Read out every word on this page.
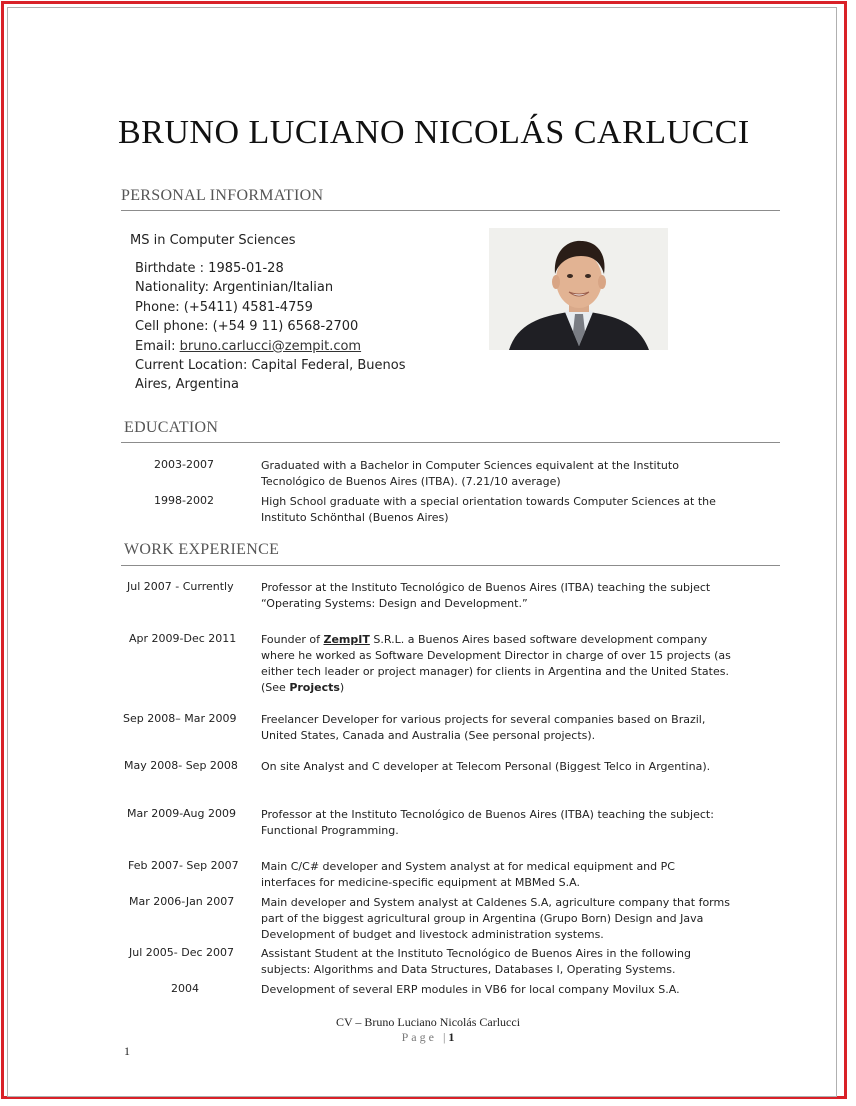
BRUNO LUCIANO NICOLÁS CARLUCCI
PERSONAL INFORMATION
MS in Computer Sciences
Birthdate : 1985-01-28
Nationality: Argentinian/Italian
Phone: (+5411) 4581-4759
Cell phone: (+54 9 11) 6568-2700
Email: bruno.carlucci@zempit.com
Current Location: Capital Federal, Buenos Aires, Argentina
EDUCATION
2003-2007	Graduated with a Bachelor in Computer Sciences equivalent at the Instituto Tecnológico de Buenos Aires (ITBA). (7.21/10 average)
1998-2002	High School graduate with a special orientation towards Computer Sciences at the Instituto Schönthal (Buenos Aires)
WORK EXPERIENCE
Jul 2007 - Currently Professor at the Instituto Tecnológico de Buenos Aires (ITBA) teaching the subject “Operating Systems: Design and Development.”
Apr 2009-Dec 2011 Founder of ZempIT S.R.L. a Buenos Aires based software development company where he worked as Software Development Director in charge of over 15 projects (as either tech leader or project manager) for clients in Argentina and the United States. (See Projects)
Sep 2008– Mar 2009 Freelancer Developer for various projects for several companies based on Brazil, United States, Canada and Australia (See personal projects).
May 2008- Sep 2008 On site Analyst and C developer at Telecom Personal (Biggest Telco in Argentina).
Mar 2009-Aug 2009 Professor at the Instituto Tecnológico de Buenos Aires (ITBA) teaching the subject: Functional Programming.
Feb 2007- Sep 2007 Main C/C# developer and System analyst at for medical equipment and PC interfaces for medicine-specific equipment at MBMed S.A.
Mar 2006-Jan 2007 Main developer and System analyst at Caldenes S.A, agriculture company that forms part of the biggest agricultural group in Argentina (Grupo Born) Design and Java Development of budget and livestock administration systems.
Jul 2005- Dec 2007 Assistant Student at the Instituto Tecnológico de Buenos Aires in the following subjects: Algorithms and Data Structures, Databases I, Operating Systems.
2004	Development of several ERP modules in VB6 for local company Movilux S.A.
CV – Bruno Luciano Nicolás Carlucci
Page |1
1
